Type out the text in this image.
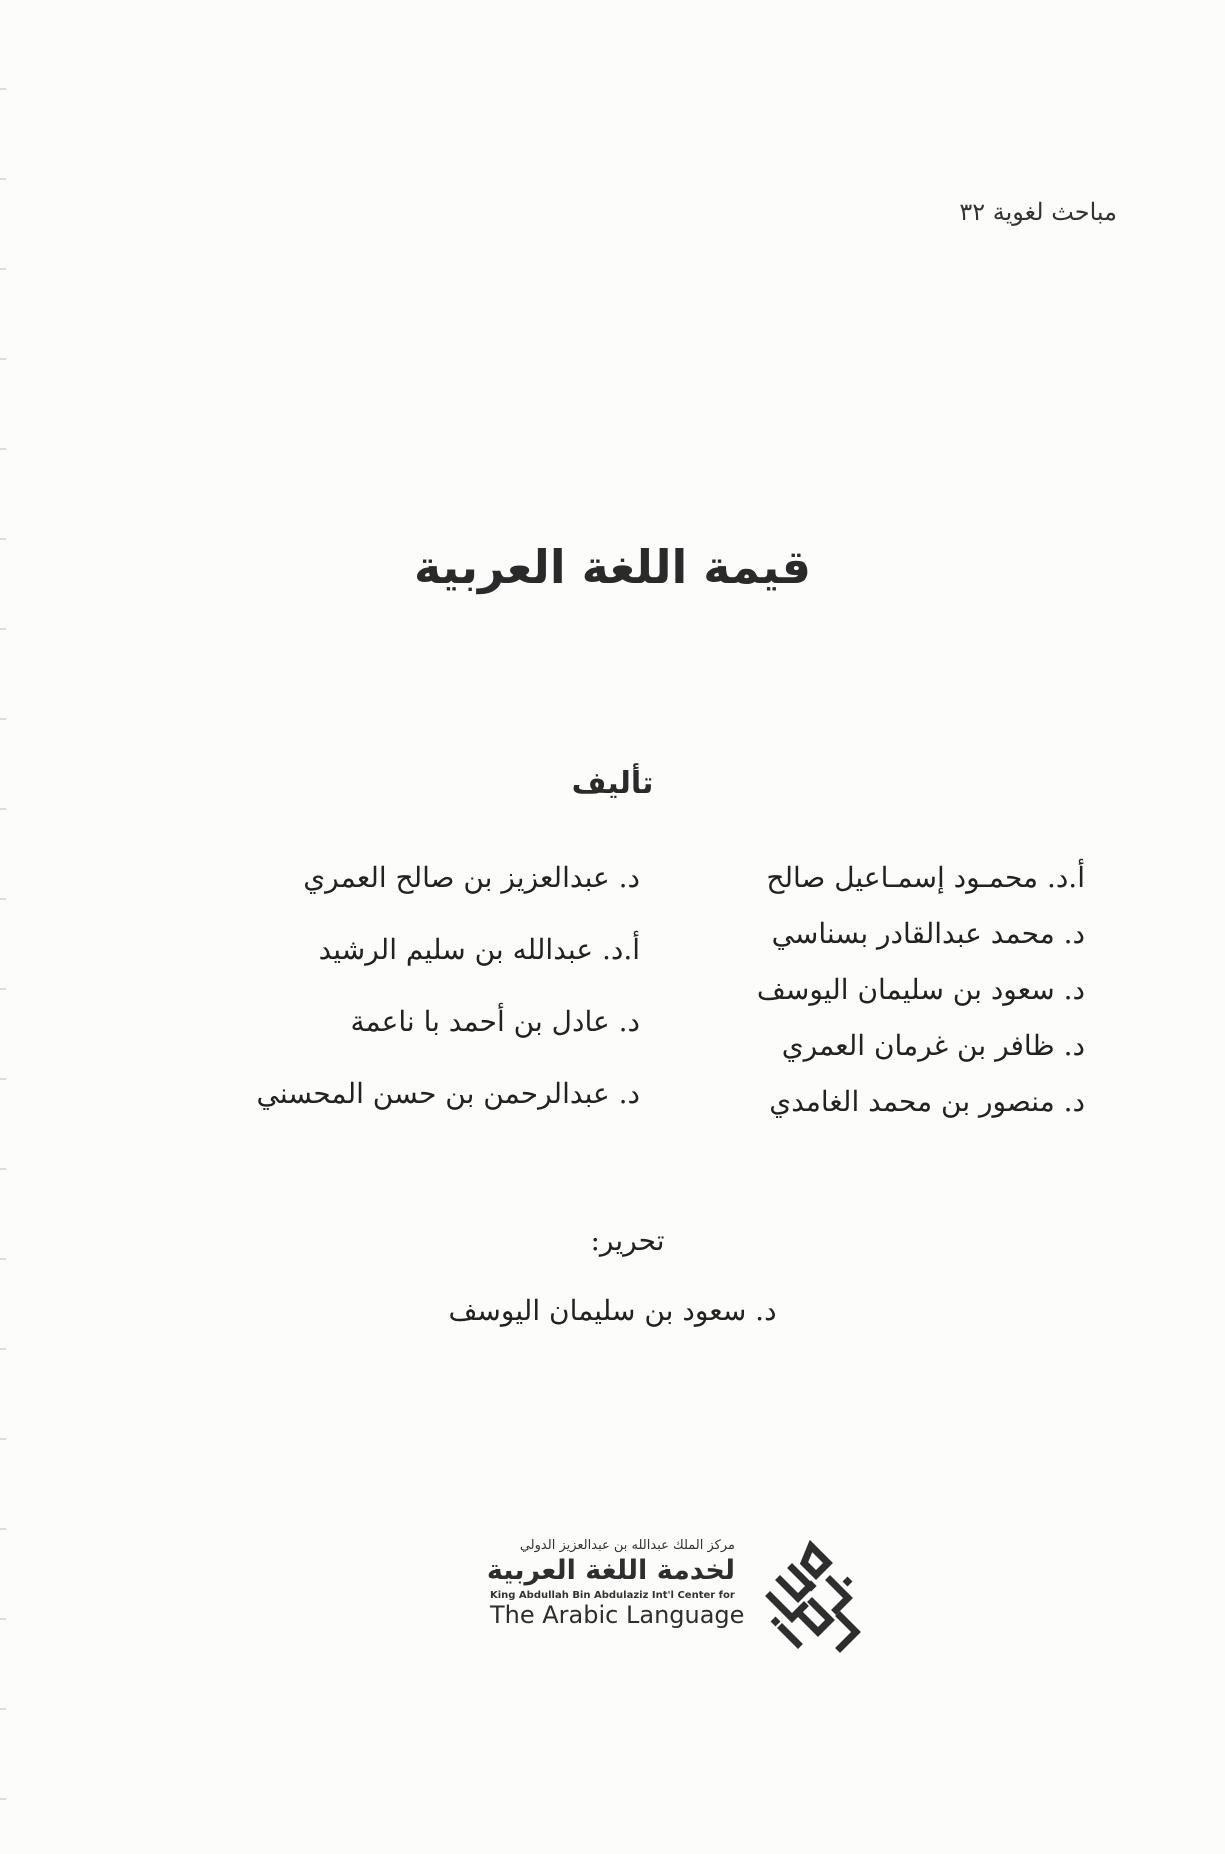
مباحث لغوية ٣٢
قيمة اللغة العربية
تأليف
أ.د. محمـود إسمـاعيل صالح
د. محمد عبدالقادر بسناسي
د. سعود بن سليمان اليوسف
د. ظافر بن غرمان العمري
د. منصور بن محمد الغامدي
د. عبدالعزيز بن صالح العمري
أ.د. عبدالله بن سليم الرشيد
د. عادل بن أحمد با ناعمة
د. عبدالرحمن بن حسن المحسني
تحرير:
د. سعود بن سليمان اليوسف
مركز الملك عبدالله بن عبدالعزيز الدولي
لخدمة اللغة العربية
King Abdullah Bin Abdulaziz Int'l Center for
The Arabic Language
